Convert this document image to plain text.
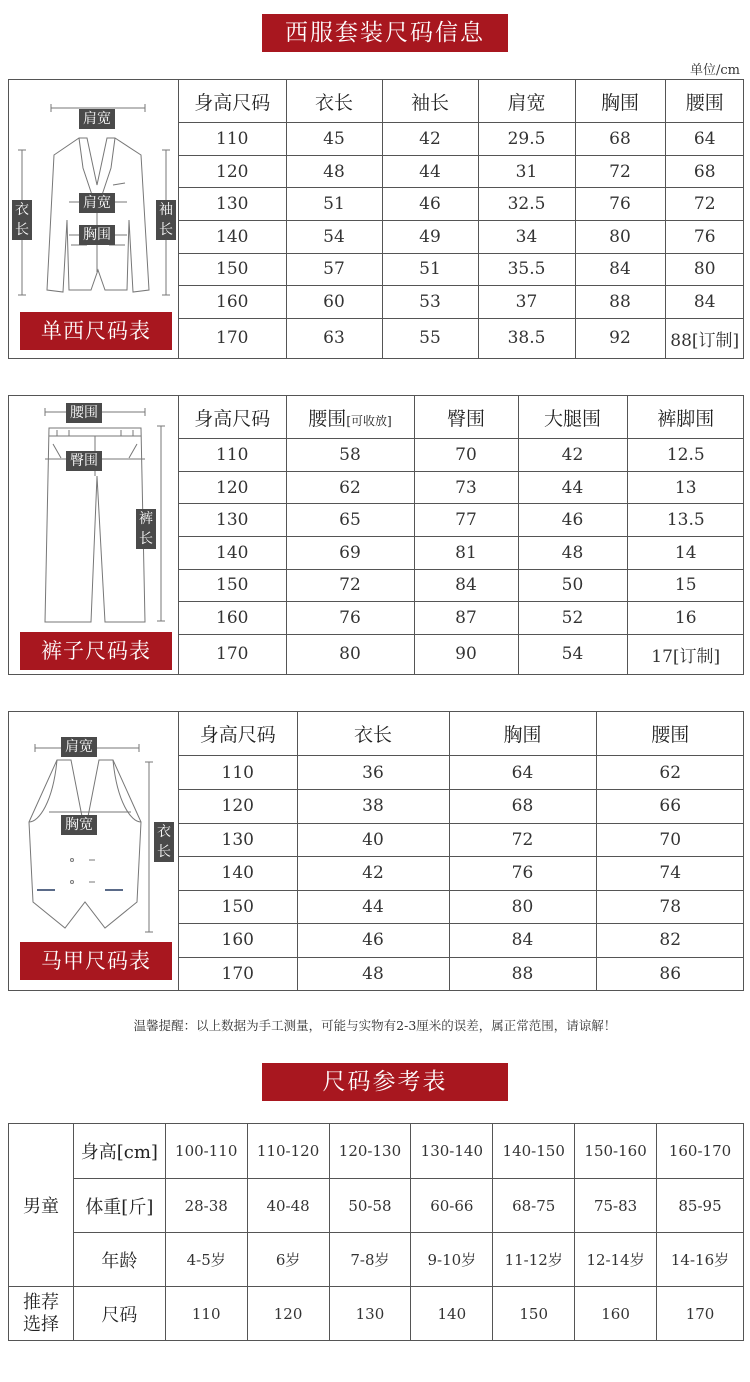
西服套装尺码信息
单位/cm
肩宽
肩宽
胸围
衣长
袖长
单西尺码表
身高尺码	衣长	袖长	肩宽	胸围	腰围
110	45	42	29.5	68	64
120	48	44	31	72	68
130	51	46	32.5	76	72
140	54	49	34	80	76
150	57	51	35.5	84	80
160	60	53	37	88	84
170	63	55	38.5	92	88[订制]
腰围
臀围
裤长
裤子尺码表
身高尺码	腰围[可收放]	臀围	大腿围	裤脚围
110	58	70	42	12.5
120	62	73	44	13
130	65	77	46	13.5
140	69	81	48	14
150	72	84	50	15
160	76	87	52	16
170	80	90	54	17[订制]
肩宽
胸宽	衣长
马甲尺码表
身高尺码	衣长	胸围	腰围
110	36	64	62
120	38	68	66
130	40	72	70
140	42	76	74
150	44	80	78
160	46	84	82
170	48	88	86
温馨提醒：以上数据为手工测量，可能与实物有2-3厘米的误差，属正常范围，请谅解！
尺码参考表
男童	身高[cm]	100-110	110-120	120-130	130-140	140-150	150-160	160-170
	体重[斤]	28-38	40-48	50-58	60-66	68-75	75-83	85-95
	年龄	4-5岁	6岁	7-8岁	9-10岁	11-12岁	12-14岁	14-16岁
推荐选择	尺码	110	120	130	140	150	160	170
